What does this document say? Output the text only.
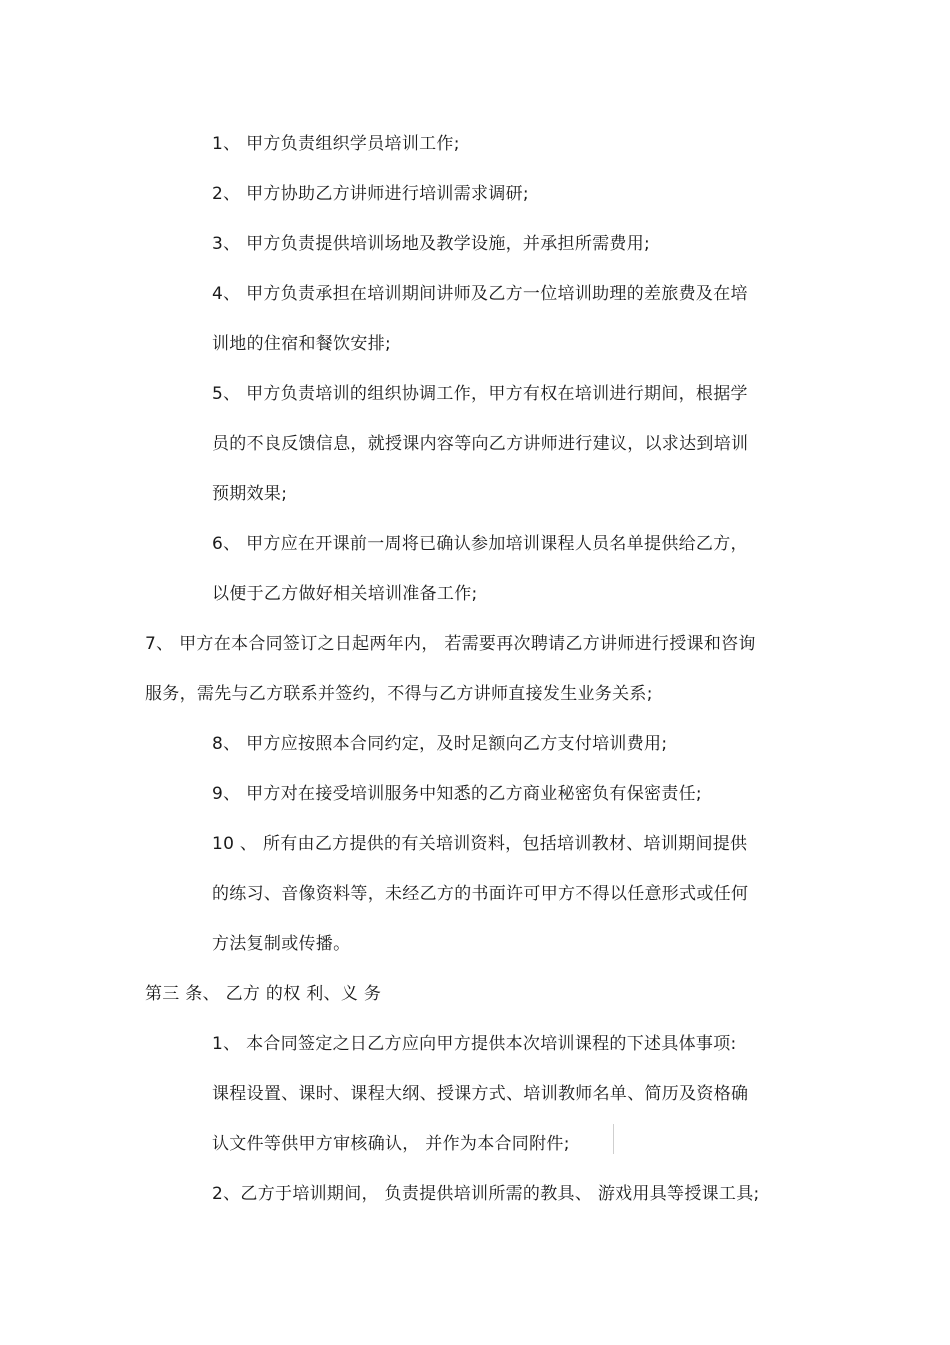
1、 甲方负责组织学员培训工作;
2、 甲方协助乙方讲师进行培训需求调研;
3、 甲方负责提供培训场地及教学设施，并承担所需费用;
4、 甲方负责承担在培训期间讲师及乙方一位培训助理的差旅费及在培
训地的住宿和餐饮安排;
5、 甲方负责培训的组织协调工作，甲方有权在培训进行期间，根据学
员的不良反馈信息，就授课内容等向乙方讲师进行建议，以求达到培训
预期效果;
6、 甲方应在开课前一周将已确认参加培训课程人员名单提供给乙方，
以便于乙方做好相关培训准备工作;
7、 甲方在本合同签订之日起两年内， 若需要再次聘请乙方讲师进行授课和咨询
服务，需先与乙方联系并签约，不得与乙方讲师直接发生业务关系;
8、 甲方应按照本合同约定，及时足额向乙方支付培训费用;
9、 甲方对在接受培训服务中知悉的乙方商业秘密负有保密责任;
10 、 所有由乙方提供的有关培训资料，包括培训教材、培训期间提供
的练习、音像资料等，未经乙方的书面许可甲方不得以任意形式或任何
方法复制或传播。
第三 条、 乙方 的权 利、义 务
1、 本合同签定之日乙方应向甲方提供本次培训课程的下述具体事项:
课程设置、课时、课程大纲、授课方式、培训教师名单、简历及资格确
认文件等供甲方审核确认， 并作为本合同附件;
2、乙方于培训期间， 负责提供培训所需的教具、 游戏用具等授课工具;
